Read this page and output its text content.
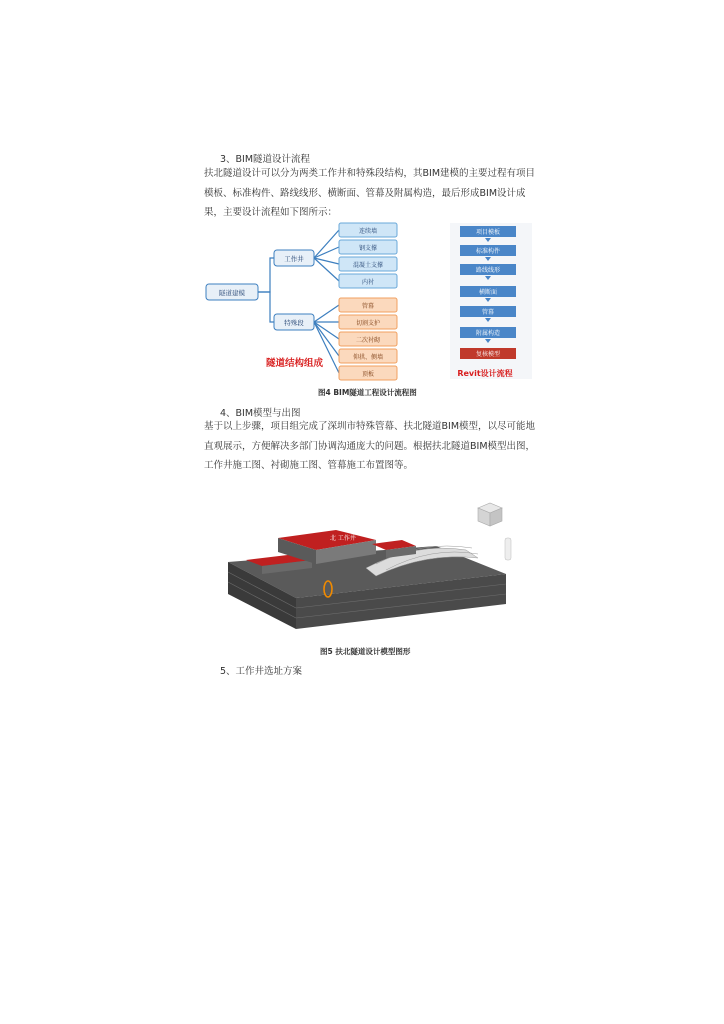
3、BIM隧道设计流程
扶北隧道设计可以分为两类工作井和特殊段结构，其BIM建模的主要过程有项目模板、标准构件、路线线形、横断面、管幕及附属构造，最后形成BIM设计成果，主要设计流程如下图所示：
隧道建模
工作井
特殊段
连续墙
钢支撑
混凝土支撑
内衬
管幕
切割支护
二次衬砌
仰拱、侧墙
顶板
隧道结构组成
项目模板
标准构件
路线线形
横断面
管幕
附属构造
复核模型
Revit设计流程
图4 BIM隧道工程设计流程图
4、BIM模型与出图
基于以上步骤，项目组完成了深圳市特殊管幕、扶北隧道BIM模型，以尽可能地直观展示，方便解决多部门协调沟通庞大的问题。根据扶北隧道BIM模型出图，工作井施工图、衬砌施工图、管幕施工布置图等。
北 工作井
图5 扶北隧道设计模型图形
5、工作井选址方案
